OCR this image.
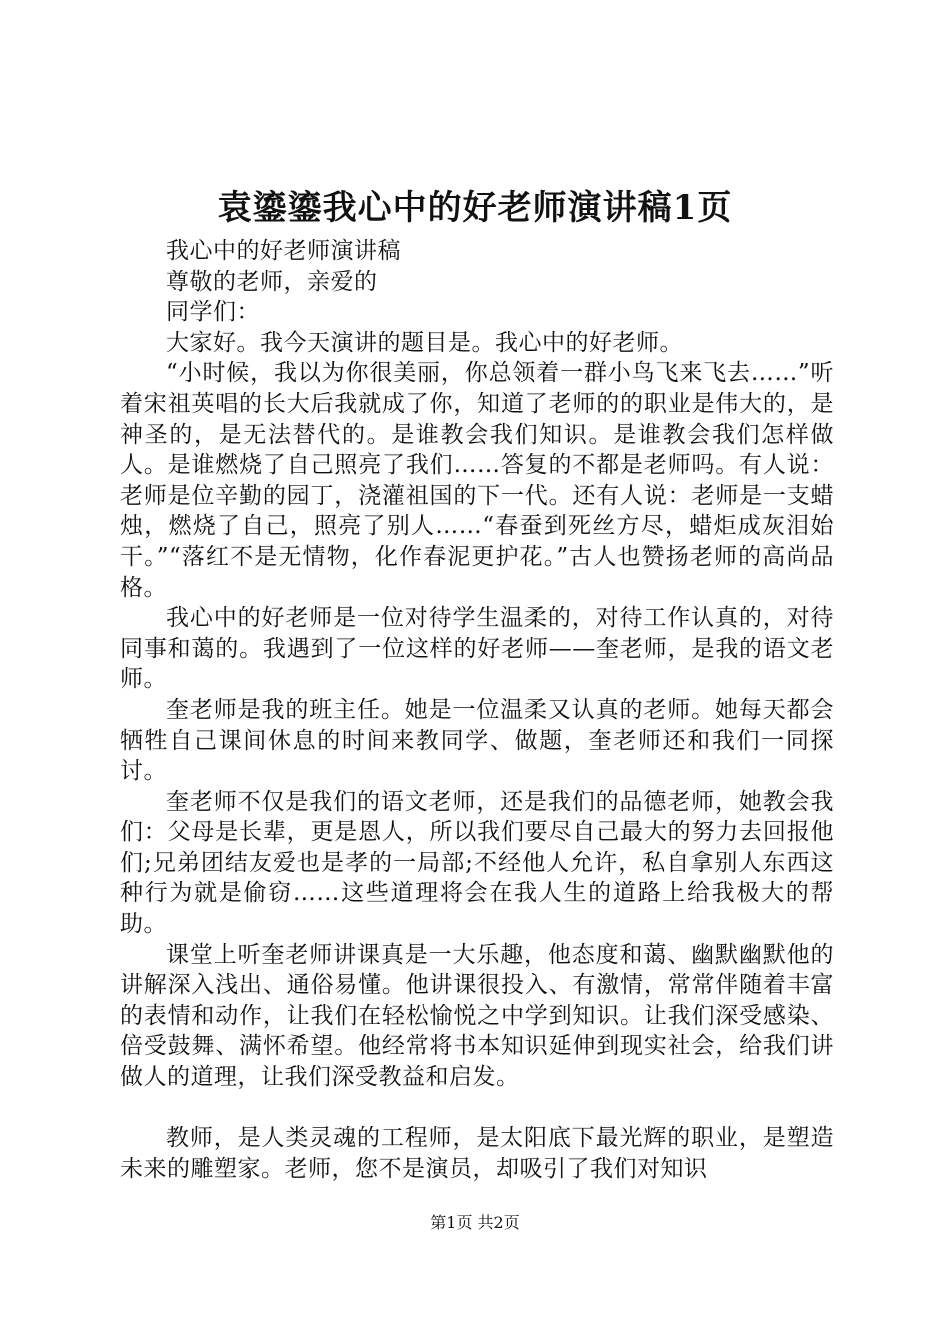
袁鎏鎏我心中的好老师演讲稿1页

我心中的好老师演讲稿

尊敬的老师，亲爱的

同学们：

大家好。我今天演讲的题目是。我心中的好老师。

“小时候，我以为你很美丽，你总领着一群小鸟飞来飞去……”听着宋祖英唱的长大后我就成了你，知道了老师的的职业是伟大的，是神圣的，是无法替代的。是谁教会我们知识。是谁教会我们怎样做人。是谁燃烧了自己照亮了我们……答复的不都是老师吗。有人说：老师是位辛勤的园丁，浇灌祖国的下一代。还有人说：老师是一支蜡烛，燃烧了自己，照亮了别人……“春蚕到死丝方尽，蜡炬成灰泪始干。”“落红不是无情物，化作春泥更护花。”古人也赞扬老师的高尚品格。

我心中的好老师是一位对待学生温柔的，对待工作认真的，对待同事和蔼的。我遇到了一位这样的好老师——奎老师，是我的语文老师。

奎老师是我的班主任。她是一位温柔又认真的老师。她每天都会牺牲自己课间休息的时间来教同学、做题，奎老师还和我们一同探讨。

奎老师不仅是我们的语文老师，还是我们的品德老师，她教会我们：父母是长辈，更是恩人，所以我们要尽自己最大的努力去回报他们;兄弟团结友爱也是孝的一局部;不经他人允许，私自拿别人东西这种行为就是偷窃……这些道理将会在我人生的道路上给我极大的帮助。

课堂上听奎老师讲课真是一大乐趣，他态度和蔼、幽默幽默他的讲解深入浅出、通俗易懂。他讲课很投入、有激情，常常伴随着丰富的表情和动作，让我们在轻松愉悦之中学到知识。让我们深受感染、倍受鼓舞、满怀希望。他经常将书本知识延伸到现实社会，给我们讲做人的道理，让我们深受教益和启发。

教师，是人类灵魂的工程师，是太阳底下最光辉的职业，是塑造未来的雕塑家。老师，您不是演员，却吸引了我们对知识

第1页 共2页
